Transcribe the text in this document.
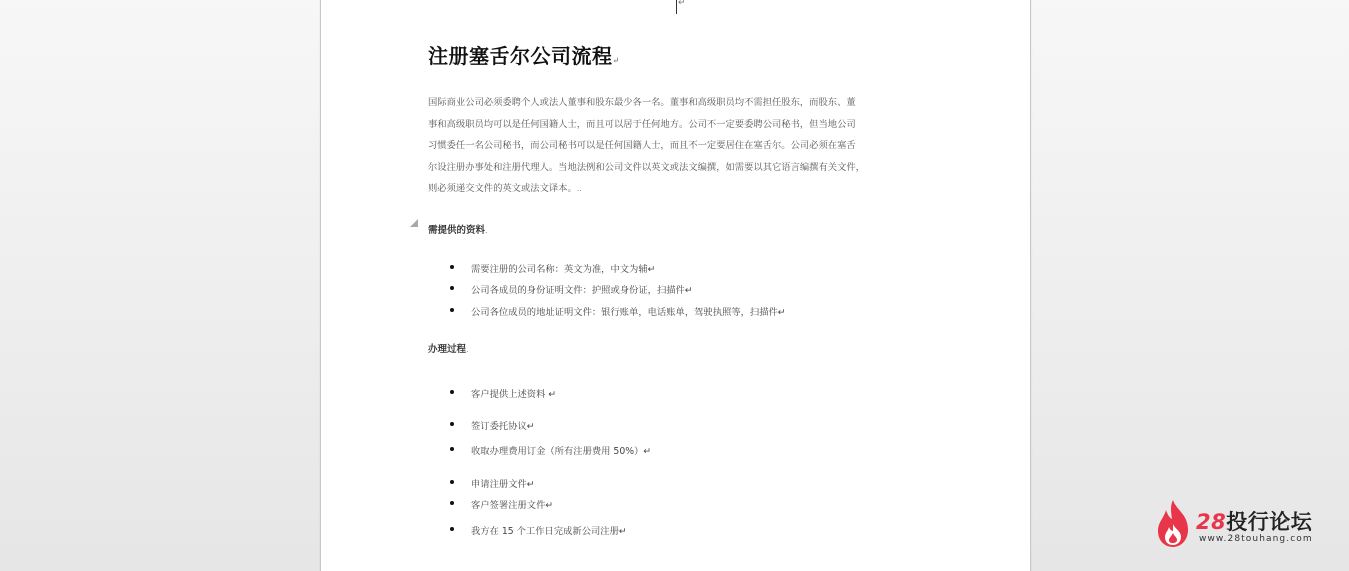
↵
注册塞舌尔公司流程↵

国际商业公司必须委聘个人或法人董事和股东最少各一名。董事和高级职员均不需担任股东，而股东、董
事和高级职员均可以是任何国籍人士，而且可以居于任何地方。公司不一定要委聘公司秘书，但当地公司
习惯委任一名公司秘书，而公司秘书可以是任何国籍人士，而且不一定要居住在塞舌尔。公司必须在塞舌
尔设注册办事处和注册代理人。当地法例和公司文件以英文或法文编撰，如需要以其它语言编撰有关文件，
则必须递交文件的英文或法文译本。..

需提供的资料.
需要注册的公司名称：英文为准，中文为辅↵
公司各成员的身份证明文件：护照或身份证，扫描件↵
公司各位成员的地址证明文件：银行账单，电话账单，驾驶执照等，扫描件↵
办理过程.
客户提供上述资料 ↵
签订委托协议↵
收取办理费用订金（所有注册费用 50%）↵
申请注册文件↵
客户签署注册文件↵
我方在 15 个工作日完成新公司注册↵	28投行论坛
www.28touhang.com
